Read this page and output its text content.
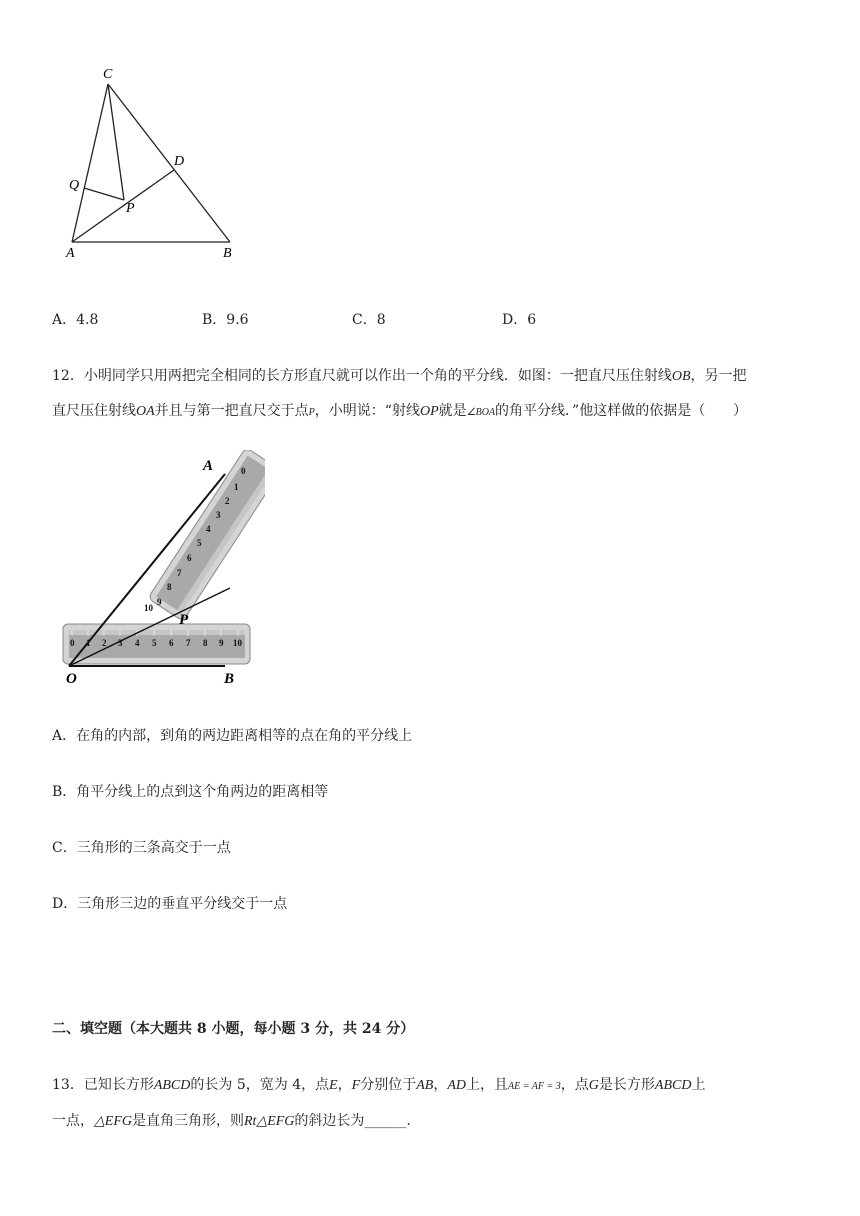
C
D
Q
P
A	B
A．4.8	B．9.6	C．8	D．6
12．小明同学只用两把完全相同的长方形直尺就可以作出一个角的平分线．如图：一把直尺压住射线OB，另一把
直尺压住射线OA并且与第一把直尺交于点P，小明说：“射线OP就是∠BOA的角平分线．”他这样做的依据是（　　）
0 1 2 3 4 5 6 7 8 9 10
0
1
2
3
4
5
6
7
8
9
10
A
P
O	B
A．在角的内部，到角的两边距离相等的点在角的平分线上
B．角平分线上的点到这个角两边的距离相等
C．三角形的三条高交于一点
D．三角形三边的垂直平分线交于一点
二、填空题（本大题共 8 小题，每小题 3 分，共 24 分）
13．已知长方形ABCD的长为 5，宽为 4，点E，F分别位于AB，AD上，且AE = AF = 3，点G是长方形ABCD上
一点，△EFG是直角三角形，则Rt△EFG的斜边长为______.
